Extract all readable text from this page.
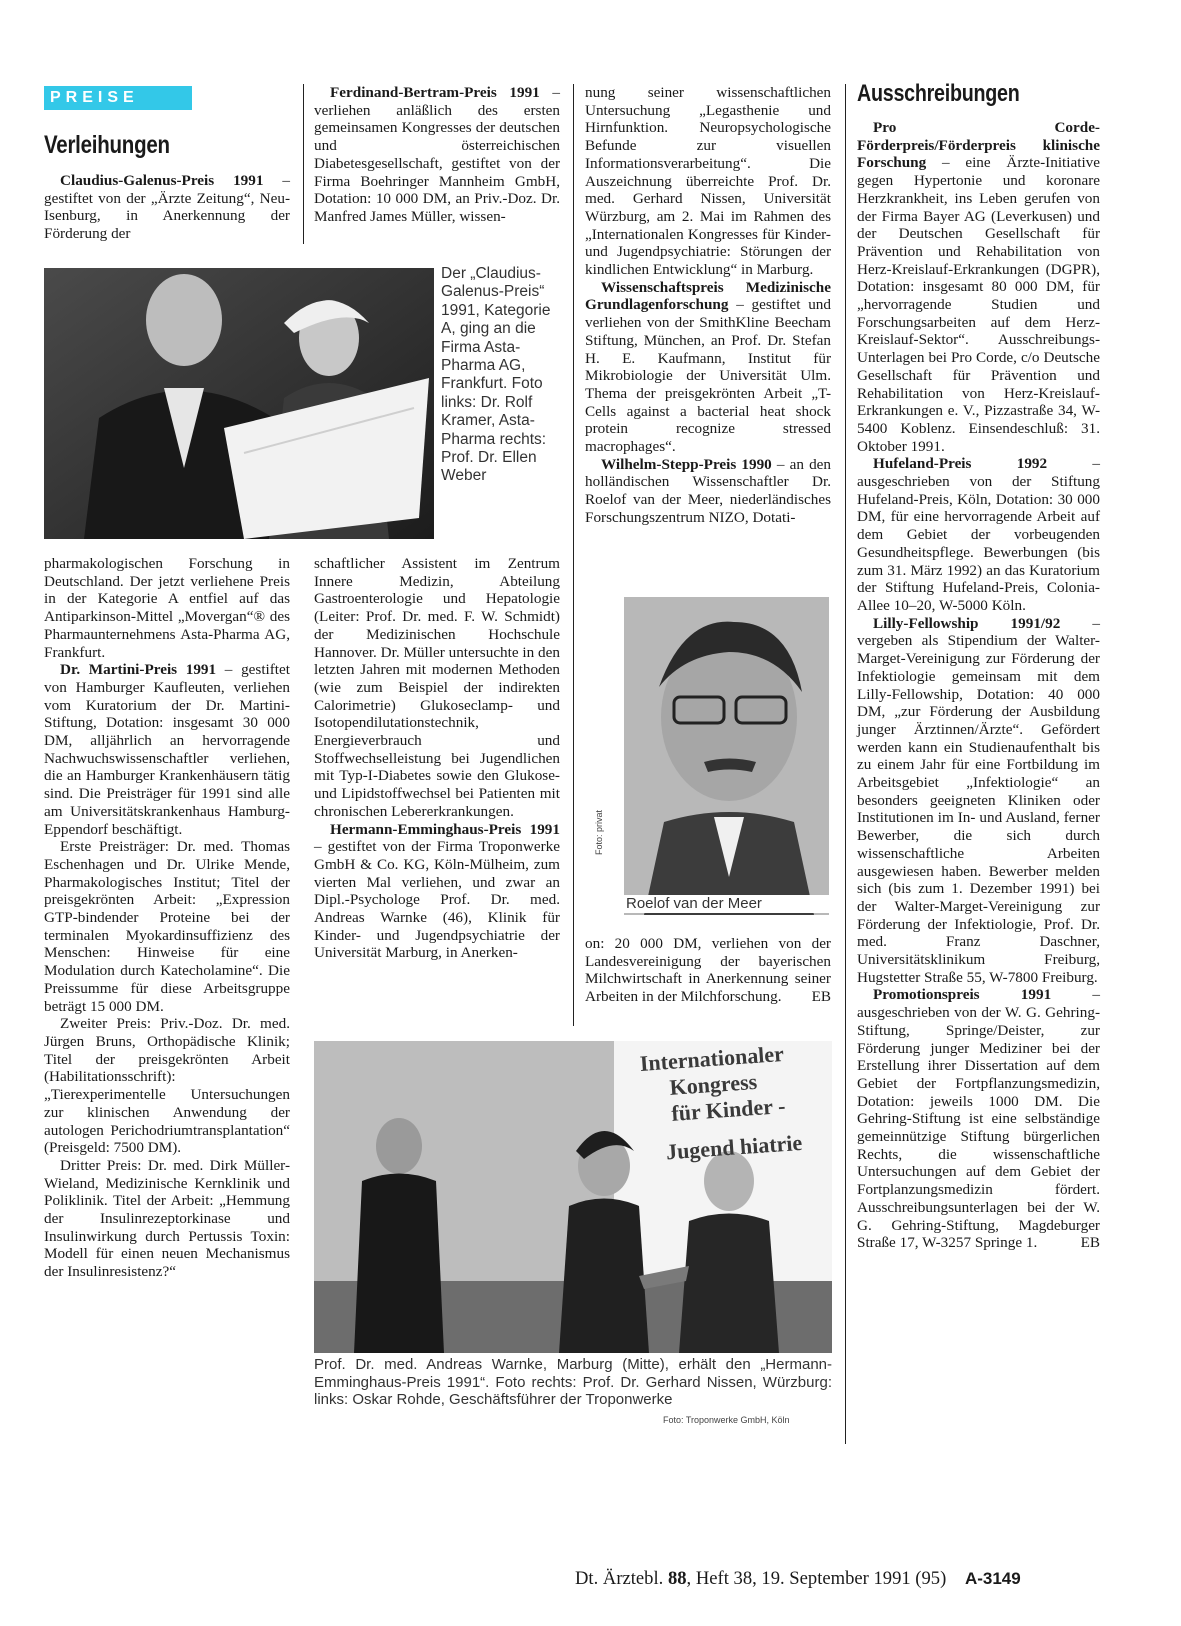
PREISE
Verleihungen
Ausschreibungen

Claudius-Galenus-Preis 1991 – gestiftet von der „Ärzte Zeitung“, Neu-Isenburg, in Anerkennung der Förderung der

Ferdinand-Bertram-Preis 1991 – verliehen anläßlich des ersten gemeinsamen Kongresses der deutschen und österreichischen Diabetesgesellschaft, gestiftet von der Firma Boehringer Mannheim GmbH, Dotation: 10 000 DM, an Priv.-Doz. Dr. Manfred James Müller, wissen-

Der „Claudius-Galenus-Preis“ 1991, Kategorie A, ging an die Firma Asta-Pharma AG, Frankfurt. Foto links: Dr. Rolf Kramer, Asta-Pharma rechts: Prof. Dr. Ellen Weber

pharmakologischen Forschung in Deutschland. Der jetzt verliehene Preis in der Kategorie A entfiel auf das Antiparkinson-Mittel „Movergan“® des Pharmaunternehmens Asta-Pharma AG, Frankfurt.

Dr. Martini-Preis 1991 – gestiftet von Hamburger Kaufleuten, verliehen vom Kuratorium der Dr. Martini-Stiftung, Dotation: insgesamt 30 000 DM, alljährlich an hervorragende Nachwuchswissenschaftler verliehen, die an Hamburger Krankenhäusern tätig sind. Die Preisträger für 1991 sind alle am Universitätskrankenhaus Hamburg-Eppendorf beschäftigt.

Erste Preisträger: Dr. med. Thomas Eschenhagen und Dr. Ulrike Mende, Pharmakologisches Institut; Titel der preisgekrönten Arbeit: „Expression GTP-bindender Proteine bei der terminalen Myokardinsuffizienz des Menschen: Hinweise für eine Modulation durch Katecholamine“. Die Preissumme für diese Arbeitsgruppe beträgt 15 000 DM.

Zweiter Preis: Priv.-Doz. Dr. med. Jürgen Bruns, Orthopädische Klinik; Titel der preisgekrönten Arbeit (Habilitationsschrift): „Tierexperimentelle Untersuchungen zur klinischen Anwendung der autologen Perichodriumtransplantation“ (Preisgeld: 7500 DM).

Dritter Preis: Dr. med. Dirk Müller-Wieland, Medizinische Kernklinik und Poliklinik. Titel der Arbeit: „Hemmung der Insulinrezeptorkinase und Insulinwirkung durch Pertussis Toxin: Modell für einen neuen Mechanismus der Insulinresistenz?“

schaftlicher Assistent im Zentrum Innere Medizin, Abteilung Gastroenterologie und Hepatologie (Leiter: Prof. Dr. med. F. W. Schmidt) der Medizinischen Hochschule Hannover. Dr. Müller untersuchte in den letzten Jahren mit modernen Methoden (wie zum Beispiel der indirekten Calorimetrie) Glukoseclamp- und Isotopendilutationstechnik, Energieverbrauch und Stoffwechselleistung bei Jugendlichen mit Typ-I-Diabetes sowie den Glukose- und Lipidstoffwechsel bei Patienten mit chronischen Lebererkrankungen.

Hermann-Emminghaus-Preis 1991 – gestiftet von der Firma Troponwerke GmbH & Co. KG, Köln-Mülheim, zum vierten Mal verliehen, und zwar an Dipl.-Psychologe Prof. Dr. med. Andreas Warnke (46), Klinik für Kinder- und Jugendpsychiatrie der Universität Marburg, in Anerken-

nung seiner wissenschaftlichen Untersuchung „Legasthenie und Hirnfunktion. Neuropsychologische Befunde zur visuellen Informationsverarbeitung“. Die Auszeichnung überreichte Prof. Dr. med. Gerhard Nissen, Universität Würzburg, am 2. Mai im Rahmen des „Internationalen Kongresses für Kinder- und Jugendpsychiatrie: Störungen der kindlichen Entwicklung“ in Marburg.

Wissenschaftspreis Medizinische Grundlagenforschung – gestiftet und verliehen von der SmithKline Beecham Stiftung, München, an Prof. Dr. Stefan H. E. Kaufmann, Institut für Mikrobiologie der Universität Ulm. Thema der preisgekrönten Arbeit „T-Cells against a bacterial heat shock protein recognize stressed macrophages“.

Wilhelm-Stepp-Preis 1990 – an den holländischen Wissenschaftler Dr. Roelof van der Meer, niederländisches Forschungszentrum NIZO, Dotati-

Roelof van der Meer
Foto: privat

on: 20 000 DM, verliehen von der Landesvereinigung der bayerischen Milchwirtschaft in Anerkennung seiner Arbeiten in der Milchforschung. EB

Internationaler
Kongress
für Kinder -
Jugend hiatrie
Prof. Dr. med. Andreas Warnke, Marburg (Mitte), erhält den „Hermann-Emminghaus-Preis 1991“. Foto rechts: Prof. Dr. Gerhard Nissen, Würzburg: links: Oskar Rohde, Geschäftsführer der Troponwerke
Foto: Troponwerke GmbH, Köln

Pro Corde-Förderpreis/Förderpreis klinische Forschung – eine Ärzte-Initiative gegen Hypertonie und koronare Herzkrankheit, ins Leben gerufen von der Firma Bayer AG (Leverkusen) und der Deutschen Gesellschaft für Prävention und Rehabilitation von Herz-Kreislauf-Erkrankungen (DGPR), Dotation: insgesamt 80 000 DM, für „hervorragende Studien und Forschungsarbeiten auf dem Herz-Kreislauf-Sektor“. Ausschreibungs-Unterlagen bei Pro Corde, c/o Deutsche Gesellschaft für Prävention und Rehabilitation von Herz-Kreislauf-Erkrankungen e. V., Pizzastraße 34, W-5400 Koblenz. Einsendeschluß: 31. Oktober 1991.

Hufeland-Preis 1992 – ausgeschrieben von der Stiftung Hufeland-Preis, Köln, Dotation: 30 000 DM, für eine hervorragende Arbeit auf dem Gebiet der vorbeugenden Gesundheitspflege. Bewerbungen (bis zum 31. März 1992) an das Kuratorium der Stiftung Hufeland-Preis, Colonia-Allee 10–20, W-5000 Köln.

Lilly-Fellowship 1991/92 – vergeben als Stipendium der Walter-Marget-Vereinigung zur Förderung der Infektiologie gemeinsam mit dem Lilly-Fellowship, Dotation: 40 000 DM, „zur Förderung der Ausbildung junger Ärztinnen/Ärzte“. Gefördert werden kann ein Studienaufenthalt bis zu einem Jahr für eine Fortbildung im Arbeitsgebiet „Infektiologie“ an besonders geeigneten Kliniken oder Institutionen im In- und Ausland, ferner Bewerber, die sich durch wissenschaftliche Arbeiten ausgewiesen haben. Bewerber melden sich (bis zum 1. Dezember 1991) bei der Walter-Marget-Vereinigung zur Förderung der Infektiologie, Prof. Dr. med. Franz Daschner, Universitätsklinikum Freiburg, Hugstetter Straße 55, W-7800 Freiburg.

Promotionspreis 1991 – ausgeschrieben von der W. G. Gehring-Stiftung, Springe/Deister, zur Förderung junger Mediziner bei der Erstellung ihrer Dissertation auf dem Gebiet der Fortpflanzungsmedizin, Dotation: jeweils 1000 DM. Die Gehring-Stiftung ist eine selbständige gemeinnützige Stiftung bürgerlichen Rechts, die wissenschaftliche Untersuchungen auf dem Gebiet der Fortplanzungsmedizin fördert. Ausschreibungsunterlagen bei der W. G. Gehring-Stiftung, Magdeburger Straße 17, W-3257 Springe 1.	EB

Dt. Ärztebl. 88, Heft 38, 19. September 1991 (95) A-3149
